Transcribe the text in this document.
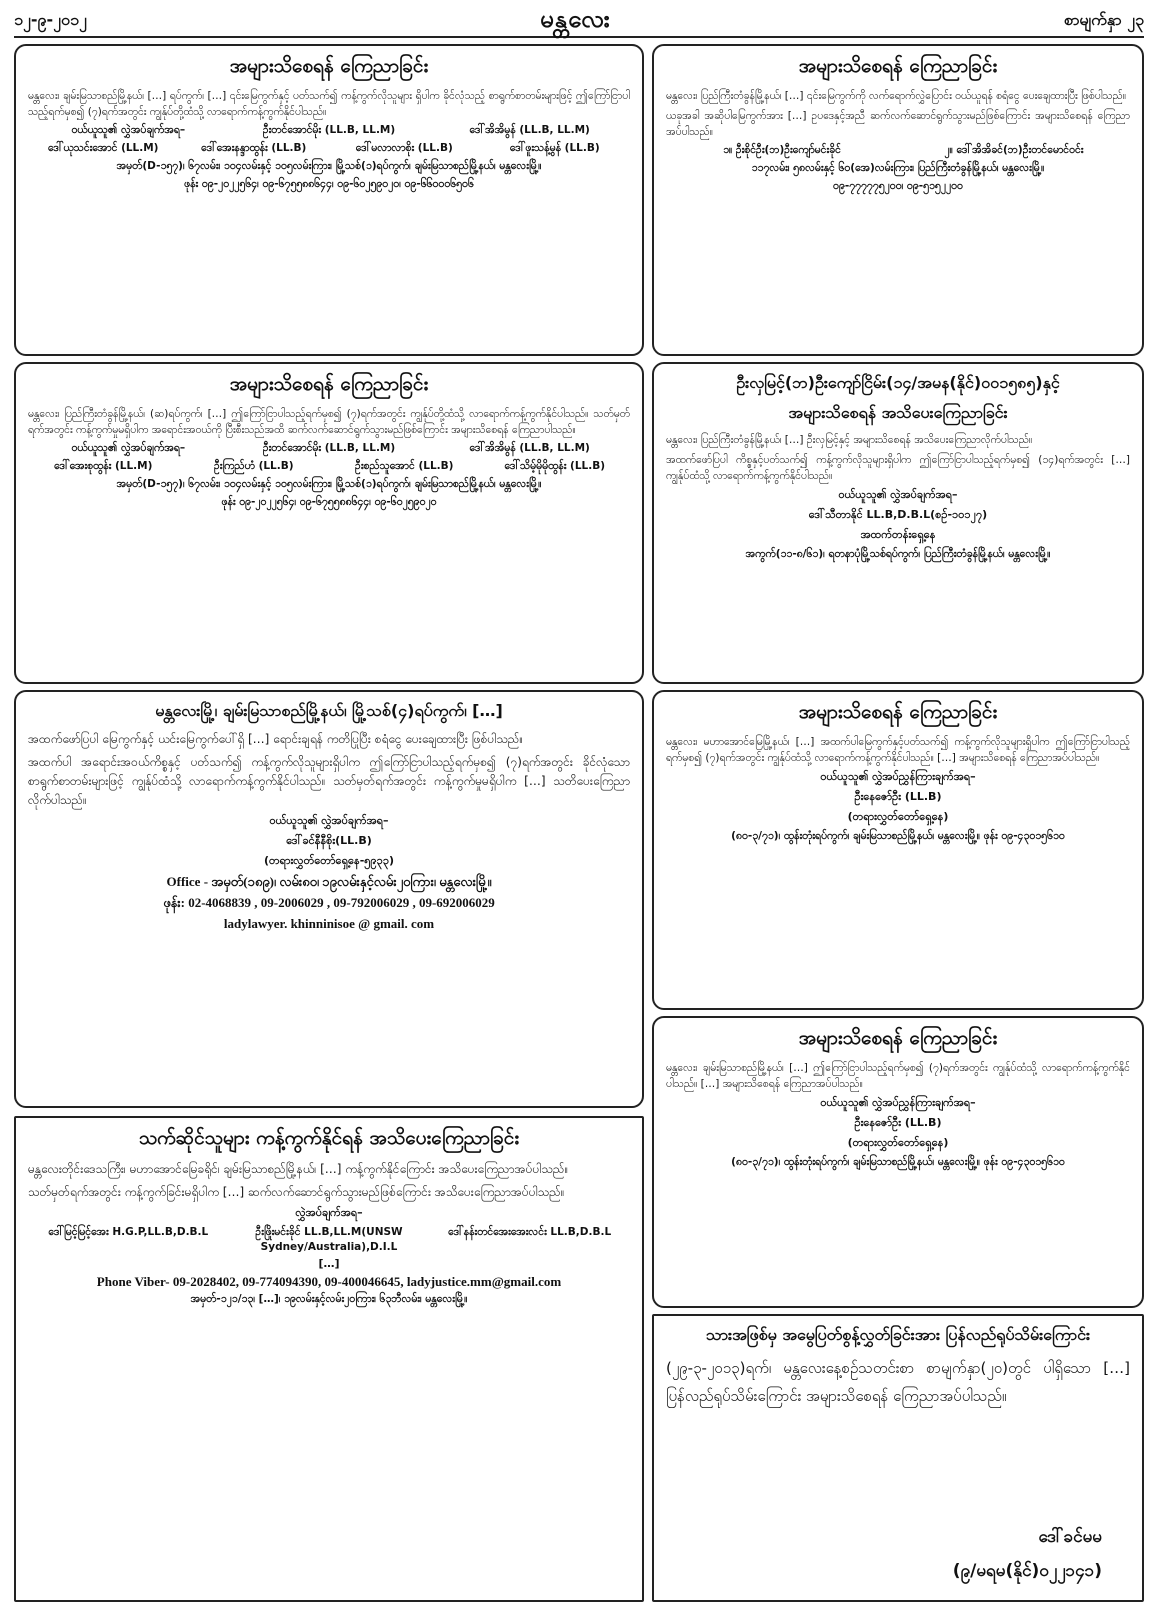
၁၂-၉-၂၀၁၂	မန္တလေး	စာမျက်နှာ ၂၃
အများသိစေရန် ကြေညာခြင်း

မန္တလေး၊ ချမ်းမြသာစည်မြို့နယ်၊ […] ရပ်ကွက်၊ […] ၎င်းမြေကွက်နှင့် ပတ်သက်၍ ကန့်ကွက်လိုသူများ ရှိပါက ခိုင်လုံသည့် စာရွက်စာတမ်းများဖြင့် ဤကြော်ငြာပါသည့်ရက်မှစ၍ (၇)ရက်အတွင်း ကျွန်ုပ်တို့ထံသို့ လာရောက်ကန့်ကွက်နိုင်ပါသည်။

ဝယ်ယူသူ၏ လွှဲအပ်ချက်အရ–	ဦးတင်အောင်မိုး (LL.B, LL.M)	ဒေါ်အိအိမွန် (LL.B, LL.M)
ဒေါ်ယုသင်းအောင် (LL.M)	ဒေါ်အေးနန္ဒာထွန်း (LL.B)	ဒေါ်မလာလာစိုး (LL.B)	ဒေါ်ဖူးသန့်မွန် (LL.B)
အမှတ်(D-၁၅၇)၊ ၆၇လမ်း၊ ၁၀၄လမ်းနှင့် ၁၀၅လမ်းကြား၊ မြို့သစ်(၁)ရပ်ကွက်၊ ချမ်းမြသာစည်မြို့နယ်၊ မန္တလေးမြို့။
ဖုန်း ၀၉-၂၀၂၂၅၆၄၊ ၀၉-၆၇၅၅၈၈၆၄၄၊ ၀၉-၆၀၂၅၉၀၂၀၊ ၀၉-၆၆၀၀၀၆၅၀၆
အများသိစေရန် ကြေညာခြင်း

မန္တလေး၊ ပြည်ကြီးတံခွန်မြို့နယ်၊ […] ၎င်းမြေကွက်ကို လက်ရောက်လွှဲပြောင်း ဝယ်ယူရန် စရံငွေ ပေးချေထားပြီး ဖြစ်ပါသည်။

ယခုအခါ အဆိုပါမြေကွက်အား […] ဥပဒေနှင့်အညီ ဆက်လက်ဆောင်ရွက်သွားမည်ဖြစ်ကြောင်း အများသိစေရန် ကြေညာအပ်ပါသည်။

၁။ ဦးစိုင်ဦး(ဘ)ဦးကျော်မင်းခိုင်	၂။ ဒေါ်အိအိခင်(ဘ)ဦးတင်မောင်ဝင်း
၁၁၇လမ်း၊ ၅၈လမ်းနှင့် ၆၀(အေ)လမ်းကြား၊ ပြည်ကြီးတံခွန်မြို့နယ်၊ မန္တလေးမြို့။
၀၉-၇၇၇၇၇၅၂၀၀၊ ၀၉-၅၁၅၂၂၀၀
အများသိစေရန် ကြေညာခြင်း

မန္တလေး၊ ပြည်ကြီးတံခွန်မြို့နယ်၊ (ဆ)ရပ်ကွက်၊ […] ဤကြော်ငြာပါသည့်ရက်မှစ၍ (၇)ရက်အတွင်း ကျွန်ုပ်တို့ထံသို့ လာရောက်ကန့်ကွက်နိုင်ပါသည်။ သတ်မှတ်ရက်အတွင်း ကန့်ကွက်မှုမရှိပါက အရောင်းအဝယ်ကို ပြီးစီးသည်အထိ ဆက်လက်ဆောင်ရွက်သွားမည်ဖြစ်ကြောင်း အများသိစေရန် ကြေညာပါသည်။

ဝယ်ယူသူ၏ လွှဲအပ်ချက်အရ–	ဦးတင်အောင်မိုး (LL.B, LL.M)	ဒေါ်အိအိမွန် (LL.B, LL.M)
ဒေါ်အေးစုထွန်း (LL.M)	ဦးကြည်ဟံ (LL.B)	ဦးစည်သူအောင် (LL.B)	ဒေါ်သိမ့်မိုမိုထွန်း (LL.B)
အမှတ်(D-၁၅၇)၊ ၆၇လမ်း၊ ၁၀၄လမ်းနှင့် ၁၀၅လမ်းကြား၊ မြို့သစ်(၁)ရပ်ကွက်၊ ချမ်းမြသာစည်မြို့နယ်၊ မန္တလေးမြို့။
ဖုန်း ၀၉-၂၀၂၂၅၆၄၊ ၀၉-၆၇၅၅၈၈၆၄၄၊ ၀၉-၆၀၂၅၉၀၂၀
ဦးလှမြင့်(ဘ)ဦးကျော်ငြိမ်း(၁၄/အမန(နိုင်)၀၀၁၅၈၅)နှင့်
အများသိစေရန် အသိပေးကြေညာခြင်း

မန္တလေး၊ ပြည်ကြီးတံခွန်မြို့နယ်၊ […] ဦးလှမြင့်နှင့် အများသိစေရန် အသိပေးကြေညာလိုက်ပါသည်။

အထက်ဖော်ပြပါ ကိစ္စနှင့်ပတ်သက်၍ ကန့်ကွက်လိုသူများရှိပါက ဤကြော်ငြာပါသည့်ရက်မှစ၍ (၁၄)ရက်အတွင်း […] ကျွန်ုပ်ထံသို့ လာရောက်ကန့်ကွက်နိုင်ပါသည်။

ဝယ်ယူသူ၏ လွှဲအပ်ချက်အရ–
ဒေါ်သီတာနိုင် LL.B,D.B.L(စဉ်-၁၀၁၂၇)
အထက်တန်းရှေ့နေ
အကွက်(၁၁-၈/၆၁)၊ ရတနာပုံမြို့သစ်ရပ်ကွက်၊ ပြည်ကြီးတံခွန်မြို့နယ်၊ မန္တလေးမြို့။
မန္တလေးမြို့၊ ချမ်းမြသာစည်မြို့နယ်၊ မြို့သစ်(၄)ရပ်ကွက်၊ […]

အထက်ဖော်ပြပါ မြေကွက်နှင့် ယင်းမြေကွက်ပေါ်ရှိ […] ရောင်းချရန် ကတိပြုပြီး စရံငွေ ပေးချေထားပြီး ဖြစ်ပါသည်။

အထက်ပါ အရောင်းအဝယ်ကိစ္စနှင့် ပတ်သက်၍ ကန့်ကွက်လိုသူများရှိပါက ဤကြော်ငြာပါသည့်ရက်မှစ၍ (၇)ရက်အတွင်း ခိုင်လုံသောစာရွက်စာတမ်းများဖြင့် ကျွန်ုပ်ထံသို့ လာရောက်ကန့်ကွက်နိုင်ပါသည်။ သတ်မှတ်ရက်အတွင်း ကန့်ကွက်မှုမရှိပါက […] သတိပေးကြေညာလိုက်ပါသည်။

ဝယ်ယူသူ၏ လွှဲအပ်ချက်အရ–
ဒေါ်ခင်နီနီစိုး(LL.B)
(တရားလွှတ်တော်ရှေ့နေ-၅၉၃၃)
Office - အမှတ်(၁၈၉)၊ လမ်း၈၀၊ ၁၉လမ်းနှင့်လမ်း၂၀ကြား၊ မန္တလေးမြို့။
ဖုန်း: 02-4068839 , 09-2006029 , 09-792006029 , 09-692006029
ladylawyer. khinninisoe @ gmail. com
အများသိစေရန် ကြေညာခြင်း

မန္တလေး၊ မဟာအောင်မြေမြို့နယ်၊ […] အထက်ပါမြေကွက်နှင့်ပတ်သက်၍ ကန့်ကွက်လိုသူများရှိပါက ဤကြော်ငြာပါသည့်ရက်မှစ၍ (၇)ရက်အတွင်း ကျွန်ုပ်ထံသို့ လာရောက်ကန့်ကွက်နိုင်ပါသည်။ […] အများသိစေရန် ကြေညာအပ်ပါသည်။

ဝယ်ယူသူ၏ လွှဲအပ်ညွှန်ကြားချက်အရ–
ဦးနေဇော်ဦး (LL.B)
(တရားလွှတ်တော်ရှေ့နေ)
(၈၀-၃/၇၁)၊ ထွန်းတုံးရပ်ကွက်၊ ချမ်းမြသာစည်မြို့နယ်၊ မန္တလေးမြို့။ ဖုန်း ၀၉-၄၃၀၁၅၆၁၀
သက်ဆိုင်သူများ ကန့်ကွက်နိုင်ရန် အသိပေးကြေညာခြင်း

မန္တလေးတိုင်းဒေသကြီး၊ မဟာအောင်မြေခရိုင်၊ ချမ်းမြသာစည်မြို့နယ်၊ […] ကန့်ကွက်နိုင်ကြောင်း အသိပေးကြေညာအပ်ပါသည်။

သတ်မှတ်ရက်အတွင်း ကန့်ကွက်ခြင်းမရှိပါက […] ဆက်လက်ဆောင်ရွက်သွားမည်ဖြစ်ကြောင်း အသိပေးကြေညာအပ်ပါသည်။

လွှဲအပ်ချက်အရ–
ဒေါ်မြင့်မြင့်အေး H.G.P,LL.B,D.B.L	ဦးဖြိုးမင်းခိုင် LL.B,LL.M(UNSW Sydney/Australia),D.I.L
ဒေါ်နန်းတင်အေးအေးလင်း LL.B,D.B.L
[…]
Phone Viber- 09-2028402, 09-774094390, 09-400046645, ladyjustice.mm@gmail.com
အမှတ်-၁၂၁/၁၃၊ […]၊ ၁၉လမ်းနှင့်လမ်း၂၀ကြား၊ ၆၃ဘီလမ်း၊ မန္တလေးမြို့။
အများသိစေရန် ကြေညာခြင်း

မန္တလေး၊ ချမ်းမြသာစည်မြို့နယ်၊ […] ဤကြော်ငြာပါသည့်ရက်မှစ၍ (၇)ရက်အတွင်း ကျွန်ုပ်ထံသို့ လာရောက်ကန့်ကွက်နိုင်ပါသည်။ […] အများသိစေရန် ကြေညာအပ်ပါသည်။

ဝယ်ယူသူ၏ လွှဲအပ်ညွှန်ကြားချက်အရ–
ဦးနေဇော်ဦး (LL.B)
(တရားလွှတ်တော်ရှေ့နေ)
(၈၀-၃/၇၁)၊ ထွန်းတုံးရပ်ကွက်၊ ချမ်းမြသာစည်မြို့နယ်၊ မန္တလေးမြို့။ ဖုန်း ၀၉-၄၃၀၁၅၆၁၀
သားအဖြစ်မှ အမွေပြတ်စွန့်လွှတ်ခြင်းအား ပြန်လည်ရုပ်သိမ်းကြောင်း

(၂၉-၃-၂၀၁၃)ရက်၊ မန္တလေးနေ့စဉ်သတင်းစာ စာမျက်နှာ(၂၀)တွင် ပါရှိသော […] ပြန်လည်ရုပ်သိမ်းကြောင်း အများသိစေရန် ကြေညာအပ်ပါသည်။

ဒေါ်ခင်မမ
(၉/မရမ(နိုင်)၀၂၂၁၄၁)
